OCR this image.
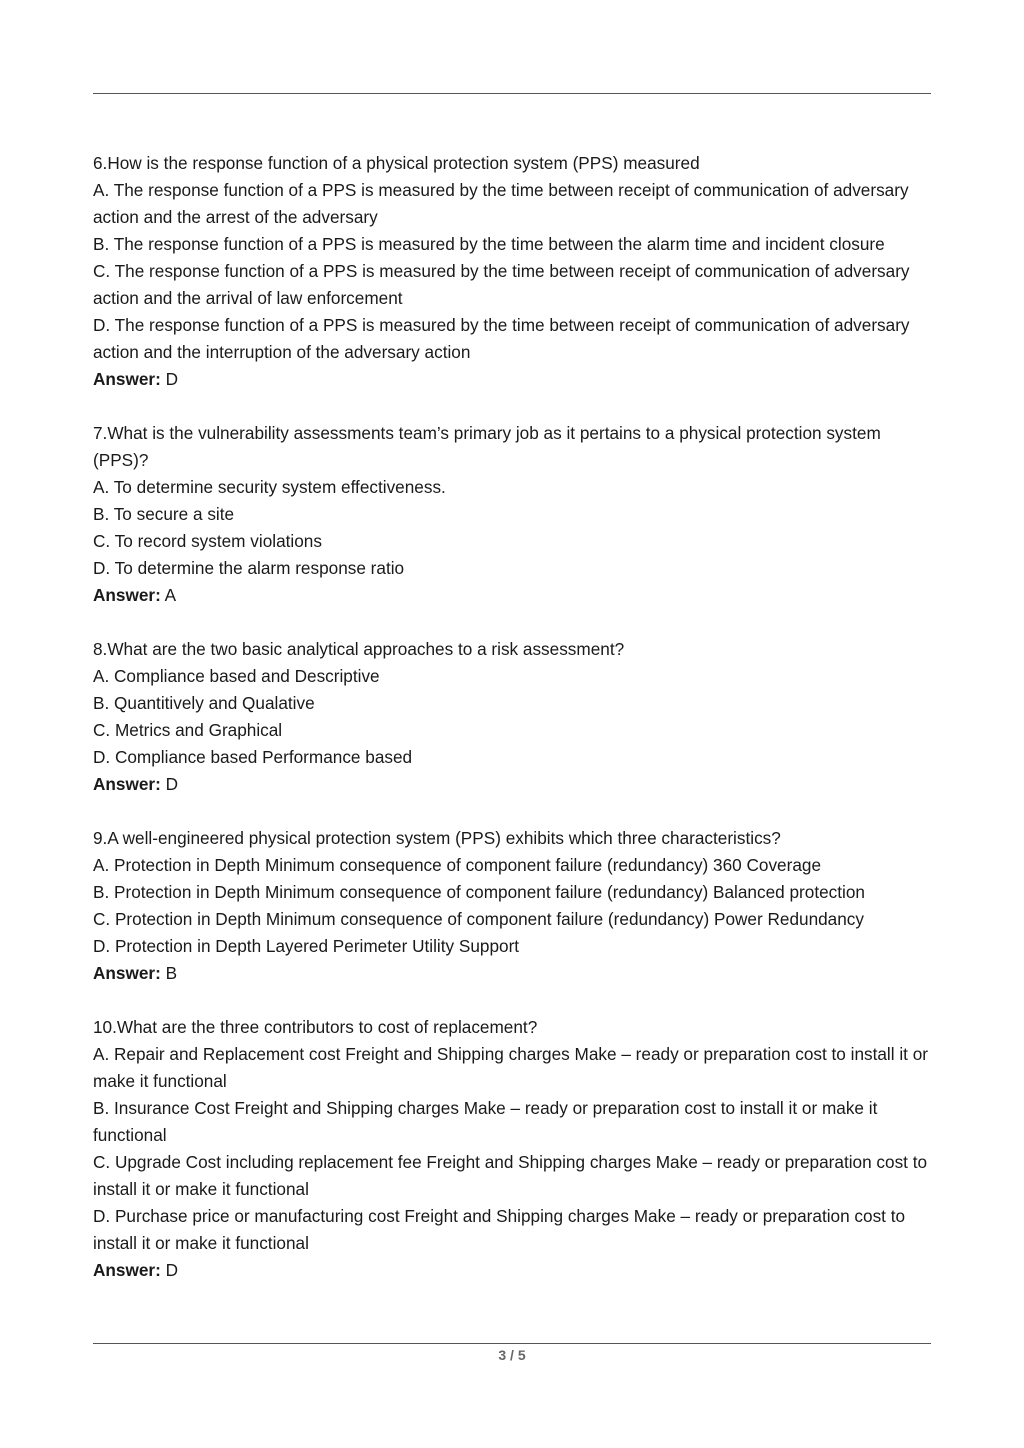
6.How is the response function of a physical protection system (PPS) measured

A. The response function of a PPS is measured by the time between receipt of communication of adversary action and the arrest of the adversary

B. The response function of a PPS is measured by the time between the alarm time and incident closure

C. The response function of a PPS is measured by the time between receipt of communication of adversary action and the arrival of law enforcement

D. The response function of a PPS is measured by the time between receipt of communication of adversary action and the interruption of the adversary action

Answer: D

7.What is the vulnerability assessments team’s primary job as it pertains to a physical protection system (PPS)?

A. To determine security system effectiveness.

B. To secure a site

C. To record system violations

D. To determine the alarm response ratio

Answer: A

8.What are the two basic analytical approaches to a risk assessment?

A. Compliance based and Descriptive

B. Quantitively and Qualative

C. Metrics and Graphical

D. Compliance based Performance based

Answer: D

9.A well-engineered physical protection system (PPS) exhibits which three characteristics?

A. Protection in Depth Minimum consequence of component failure (redundancy) 360 Coverage

B. Protection in Depth Minimum consequence of component failure (redundancy) Balanced protection

C. Protection in Depth Minimum consequence of component failure (redundancy) Power Redundancy

D. Protection in Depth Layered Perimeter Utility Support

Answer: B

10.What are the three contributors to cost of replacement?

A. Repair and Replacement cost Freight and Shipping charges Make – ready or preparation cost to install it or make it functional

B. Insurance Cost Freight and Shipping charges Make – ready or preparation cost to install it or make it functional

C. Upgrade Cost including replacement fee Freight and Shipping charges Make – ready or preparation cost to install it or make it functional

D. Purchase price or manufacturing cost Freight and Shipping charges Make – ready or preparation cost to install it or make it functional

Answer: D

3 / 5
